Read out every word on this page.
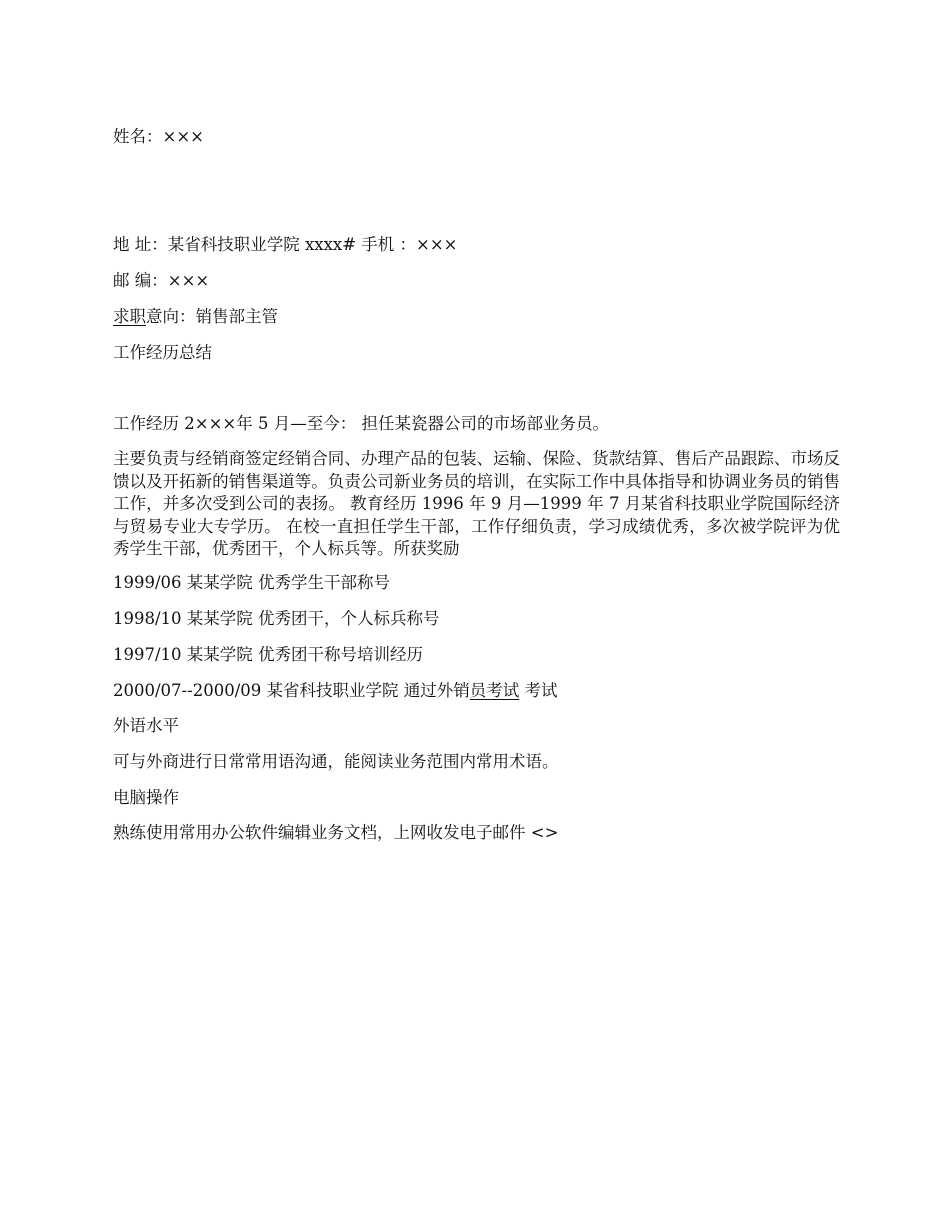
姓名：×××
地 址：某省科技职业学院 xxxx# 手机 ：×××
邮 编：×××
求职意向：销售部主管
工作经历总结
工作经历 2×××年 5 月—至今： 担任某瓷器公司的市场部业务员。
主要负责与经销商签定经销合同、办理产品的包装、运输、保险、货款结算、售后产品跟踪、市场反馈以及开拓新的销售渠道等。负责公司新业务员的培训，在实际工作中具体指导和协调业务员的销售工作，并多次受到公司的表扬。 教育经历 1996 年 9 月—1999 年 7 月某省科技职业学院国际经济与贸易专业大专学历。 在校一直担任学生干部，工作仔细负责，学习成绩优秀，多次被学院评为优秀学生干部，优秀团干，个人标兵等。所获奖励
1999/06 某某学院 优秀学生干部称号
1998/10 某某学院 优秀团干，个人标兵称号
1997/10 某某学院 优秀团干称号培训经历
2000/07--2000/09 某省科技职业学院 通过外销员考试 考试
外语水平
可与外商进行日常常用语沟通，能阅读业务范围内常用术语。
电脑操作
熟练使用常用办公软件编辑业务文档，上网收发电子邮件 <>
